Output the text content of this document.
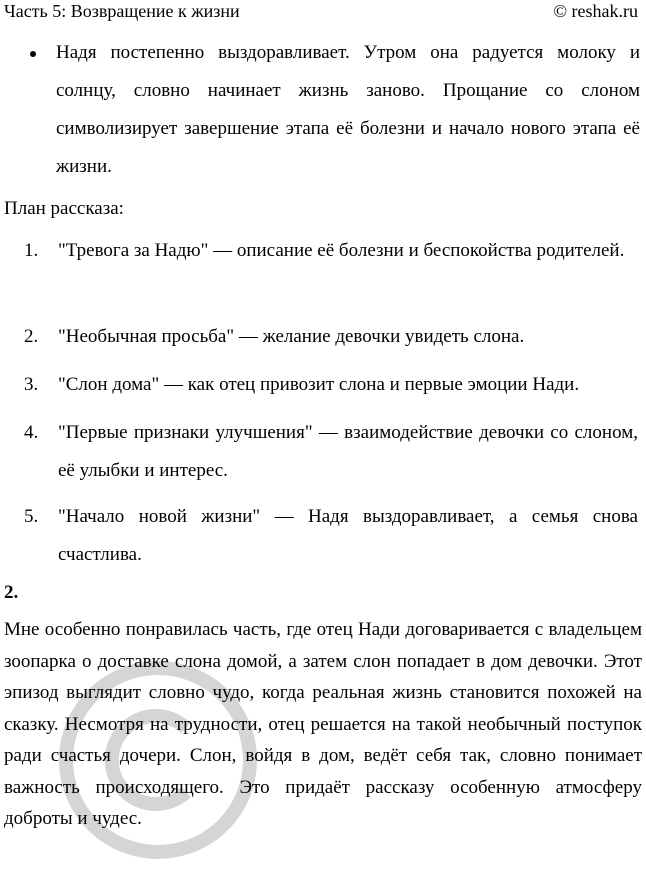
Часть 5: Возвращение к жизни	© reshak.ru
Надя постепенно выздоравливает. Утром она радуется молоку и солнцу, словно начинает жизнь заново. Прощание со слоном символизирует завершение этапа её болезни и начало нового этапа её жизни.
План рассказа:
1.	"Тревога за Надю" — описание её болезни и беспокойства родителей.
2.	"Необычная просьба" — желание девочки увидеть слона.
3.	"Слон дома" — как отец привозит слона и первые эмоции Нади.
4.	"Первые признаки улучшения" — взаимодействие девочки со слоном, её улыбки и интерес.
5.	"Начало новой жизни" — Надя выздоравливает, а семья снова счастлива.
2.
Мне особенно понравилась часть, где отец Нади договаривается с владельцем зоопарка о доставке слона домой, а затем слон попадает в дом девочки. Этот эпизод выглядит словно чудо, когда реальная жизнь становится похожей на сказку. Несмотря на трудности, отец решается на такой необычный поступок ради счастья дочери. Слон, войдя в дом, ведёт себя так, словно понимает важность происходящего. Это придаёт рассказу особенную атмосферу доброты и чудес.
